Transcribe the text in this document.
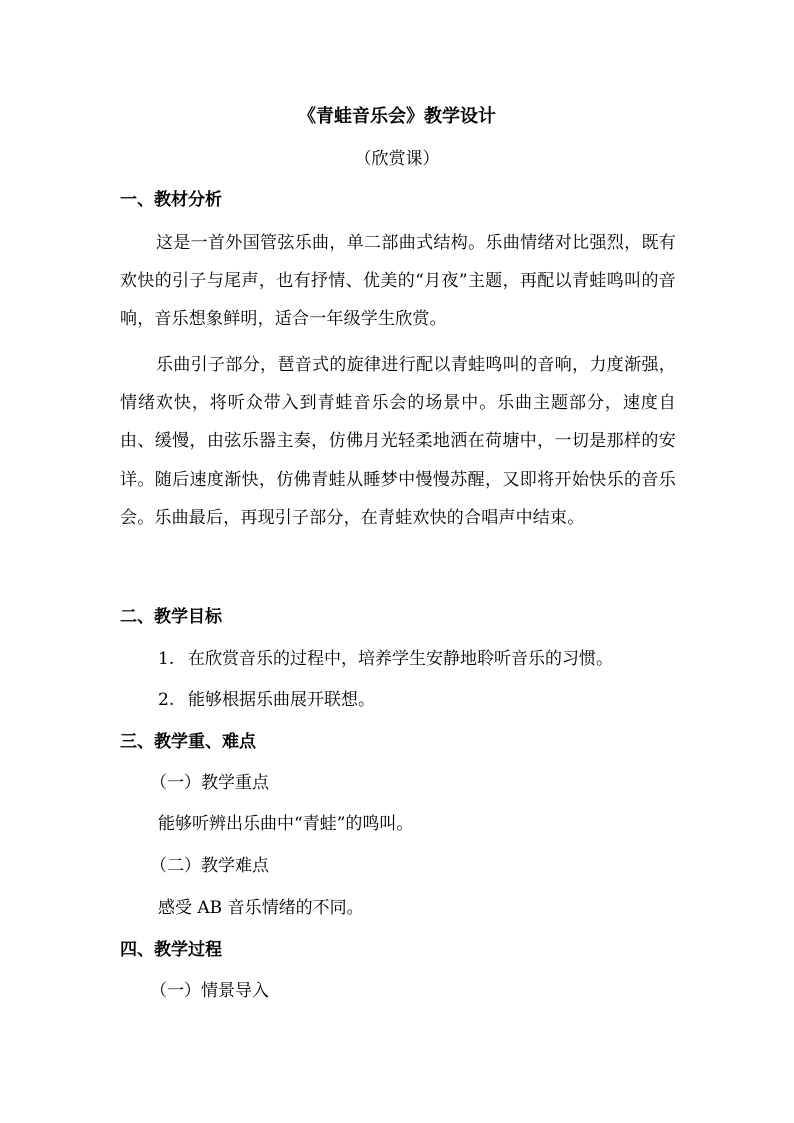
《青蛙音乐会》教学设计
（欣赏课）
一、教材分析
这是一首外国管弦乐曲，单二部曲式结构。乐曲情绪对比强烈，既有欢快的引子与尾声，也有抒情、优美的“月夜”主题，再配以青蛙鸣叫的音响，音乐想象鲜明，适合一年级学生欣赏。
乐曲引子部分，琶音式的旋律进行配以青蛙鸣叫的音响，力度渐强，情绪欢快，将听众带入到青蛙音乐会的场景中。乐曲主题部分，速度自由、缓慢，由弦乐器主奏，仿佛月光轻柔地洒在荷塘中，一切是那样的安详。随后速度渐快，仿佛青蛙从睡梦中慢慢苏醒，又即将开始快乐的音乐会。乐曲最后，再现引子部分，在青蛙欢快的合唱声中结束。
二、教学目标
1. 在欣赏音乐的过程中，培养学生安静地聆听音乐的习惯。
2. 能够根据乐曲展开联想。
三、教学重、难点
（一）教学重点
能够听辨出乐曲中“青蛙”的鸣叫。
（二）教学难点
感受 AB 音乐情绪的不同。
四、教学过程
（一）情景导入
